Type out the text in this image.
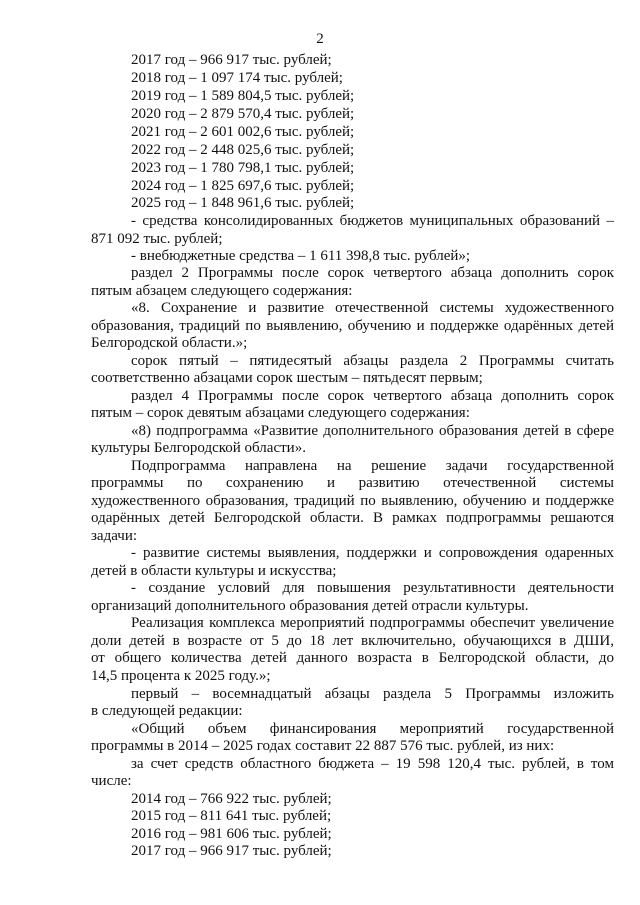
2
2017 год – 966 917 тыс. рублей;
2018 год – 1 097 174 тыс. рублей;
2019 год – 1 589 804,5 тыс. рублей;
2020 год – 2 879 570,4 тыс. рублей;
2021 год – 2 601 002,6 тыс. рублей;
2022 год – 2 448 025,6 тыс. рублей;
2023 год – 1 780 798,1 тыс. рублей;
2024 год – 1 825 697,6 тыс. рублей;
2025 год – 1 848 961,6 тыс. рублей;
- средства консолидированных бюджетов муниципальных образований –
871 092 тыс. рублей;
- внебюджетные средства – 1 611 398,8 тыс. рублей»;
раздел 2 Программы после сорок четвертого абзаца дополнить сорок
пятым абзацем следующего содержания:
«8. Сохранение и развитие отечественной системы художественного
образования, традиций по выявлению, обучению и поддержке одарённых детей
Белгородской области.»;
сорок пятый – пятидесятый абзацы раздела 2 Программы считать
соответственно абзацами сорок шестым – пятьдесят первым;
раздел 4 Программы после сорок четвертого абзаца дополнить сорок
пятым – сорок девятым абзацами следующего содержания:
«8) подпрограмма «Развитие дополнительного образования детей в сфере
культуры Белгородской области».
Подпрограмма направлена на решение задачи государственной
программы по сохранению и развитию отечественной системы
художественного образования, традиций по выявлению, обучению и поддержке
одарённых детей Белгородской области. В рамках подпрограммы решаются
задачи:
- развитие системы выявления, поддержки и сопровождения одаренных
детей в области культуры и искусства;
- создание условий для повышения результативности деятельности
организаций дополнительного образования детей отрасли культуры.
Реализация комплекса мероприятий подпрограммы обеспечит увеличение
доли детей в возрасте от 5 до 18 лет включительно, обучающихся в ДШИ,
от общего количества детей данного возраста в Белгородской области, до
14,5 процента к 2025 году.»;
первый – восемнадцатый абзацы раздела 5 Программы изложить
в следующей редакции:
«Общий объем финансирования мероприятий государственной
программы в 2014 – 2025 годах составит 22 887 576 тыс. рублей, из них:
за счет средств областного бюджета – 19 598 120,4 тыс. рублей, в том
числе:
2014 год – 766 922 тыс. рублей;
2015 год – 811 641 тыс. рублей;
2016 год – 981 606 тыс. рублей;
2017 год – 966 917 тыс. рублей;
